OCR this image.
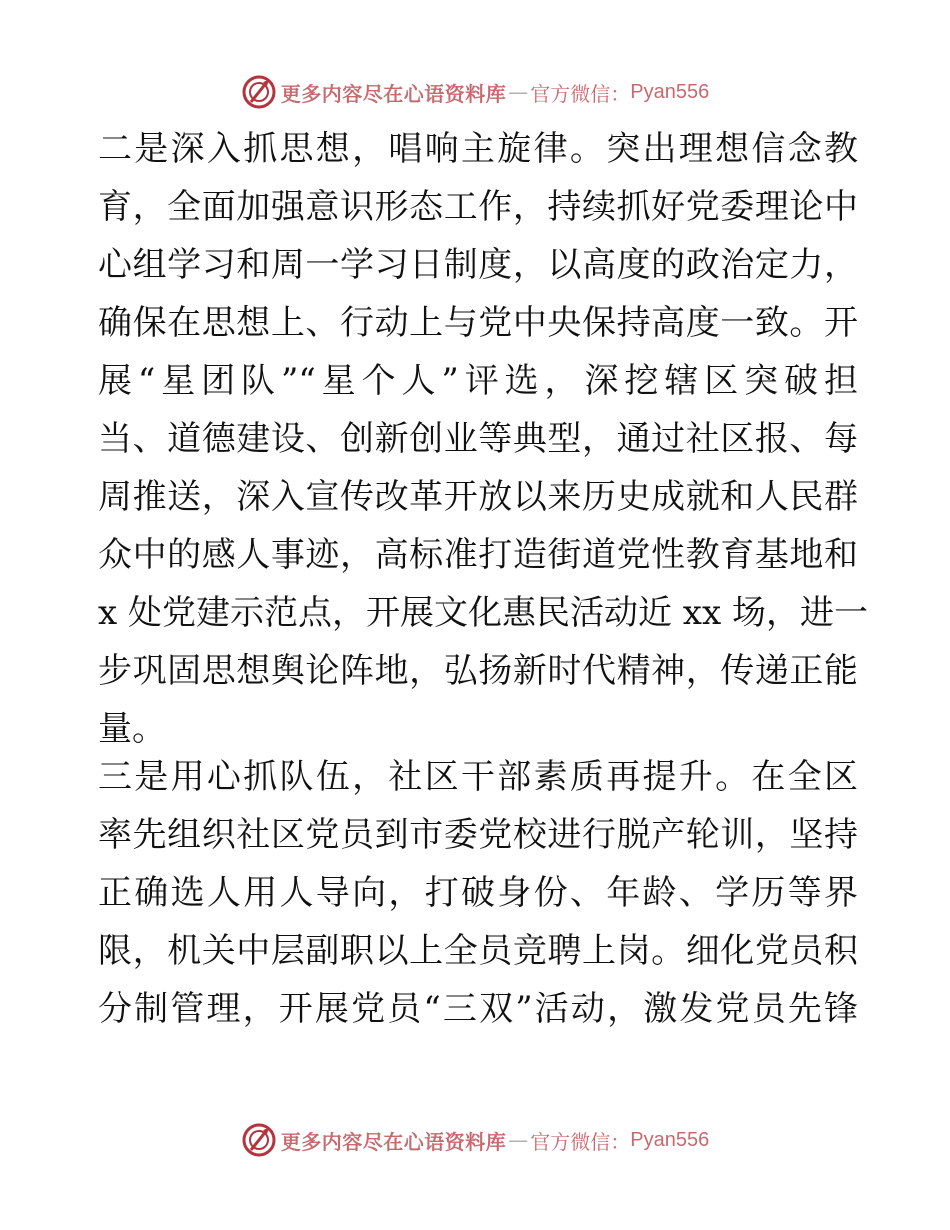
更多内容尽在心语资料库 — 官方微信： Pyan556

二是深入抓思想，唱响主旋律。突出理想信念教

育，全面加强意识形态工作，持续抓好党委理论中

心组学习和周一学习日制度，以高度的政治定力，

确保在思想上、行动上与党中央保持高度一致。开

展“星团队”“星个人”评选，深挖辖区突破担

当、道德建设、创新创业等典型，通过社区报、每

周推送，深入宣传改革开放以来历史成就和人民群

众中的感人事迹，高标准打造街道党性教育基地和

x 处党建示范点，开展文化惠民活动近 xx 场，进一

步巩固思想舆论阵地，弘扬新时代精神，传递正能

量。

三是用心抓队伍，社区干部素质再提升。在全区

率先组织社区党员到市委党校进行脱产轮训，坚持

正确选人用人导向，打破身份、年龄、学历等界

限，机关中层副职以上全员竞聘上岗。细化党员积

分制管理，开展党员“三双”活动，激发党员先锋

更多内容尽在心语资料库 — 官方微信： Pyan556
